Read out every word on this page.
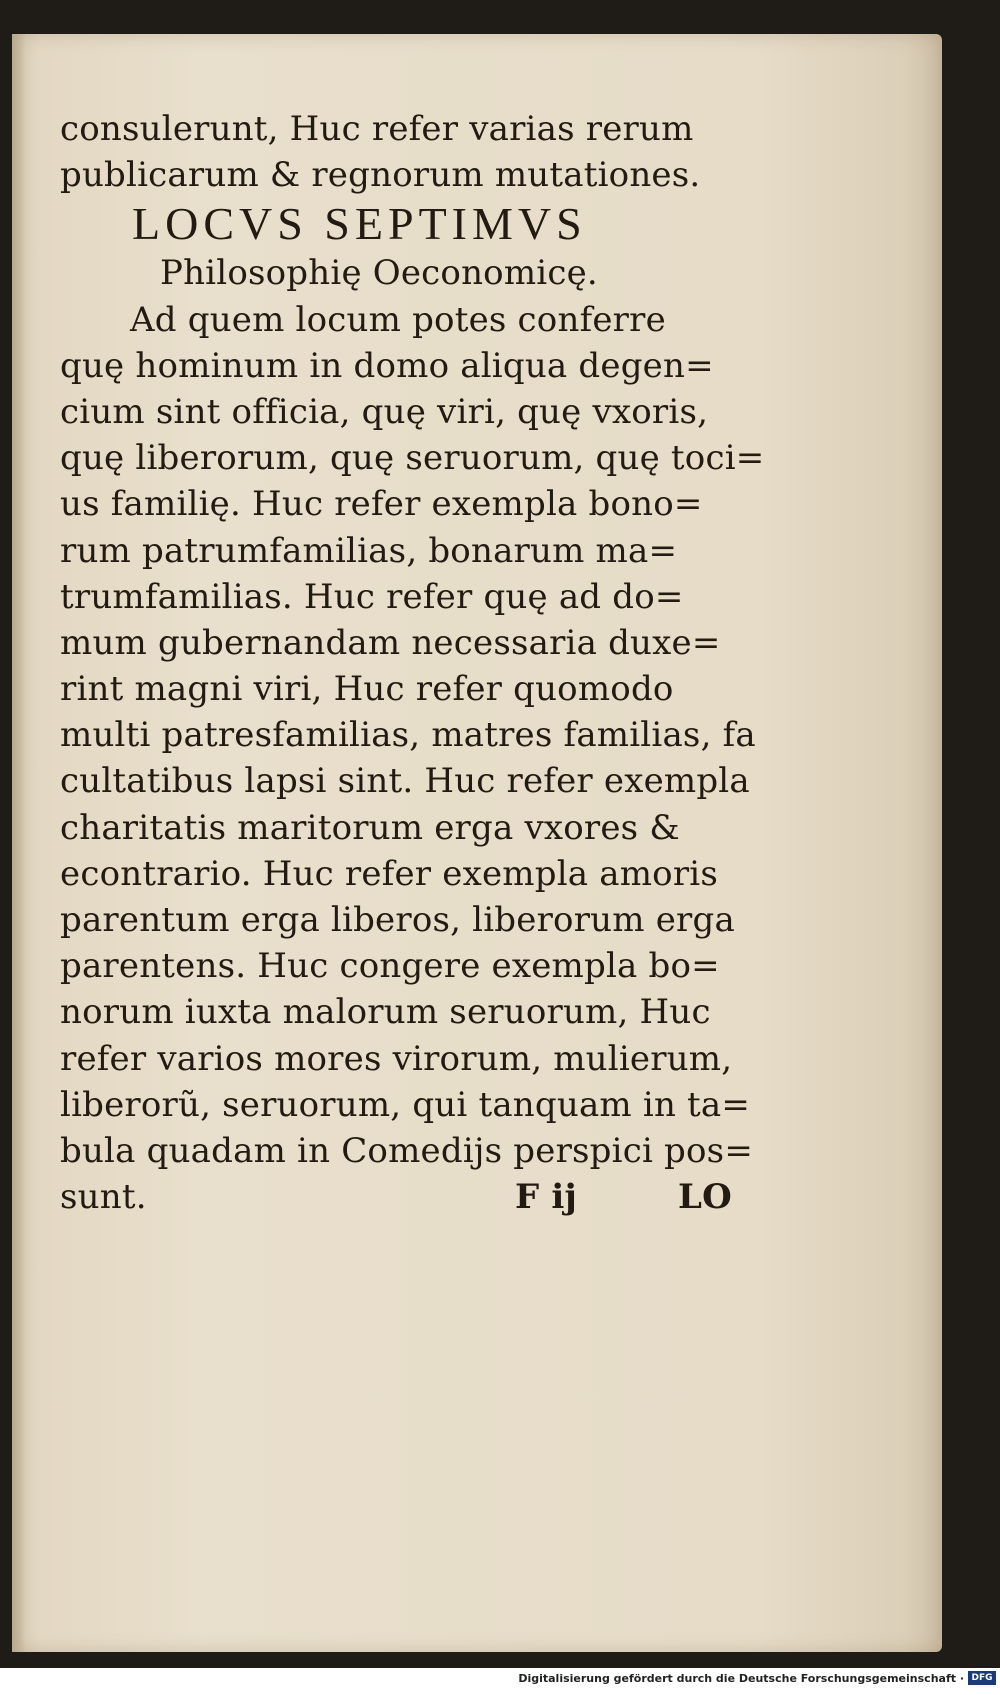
consulerunt, Huc refer varias rerum
publicarum & regnorum mutationes.
LOCVS SEPTIMVS
Philosophię Oeconomicę.
Ad quem locum potes conferre
quę hominum in domo aliqua degen=
cium sint officia, quę viri, quę vxoris,
quę liberorum, quę seruorum, quę toci=
us familię. Huc refer exempla bono=
rum patrumfamilias, bonarum ma=
trumfamilias. Huc refer quę ad do=
mum gubernandam necessaria duxe=
rint magni viri, Huc refer quomodo
multi patresfamilias, matres familias, fa
cultatibus lapsi sint. Huc refer exempla
charitatis maritorum erga vxores &
econtrario. Huc refer exempla amoris
parentum erga liberos, liberorum erga
parentens. Huc congere exempla bo=
norum iuxta malorum seruorum, Huc
refer varios mores virorum, mulierum,
liberorũ, seruorum, qui tanquam in ta=
bula quadam in Comedijs perspici pos=
sunt.	F ij	LO
Digitalisierung gefördert durch die Deutsche Forschungsgemeinschaft · DFG
